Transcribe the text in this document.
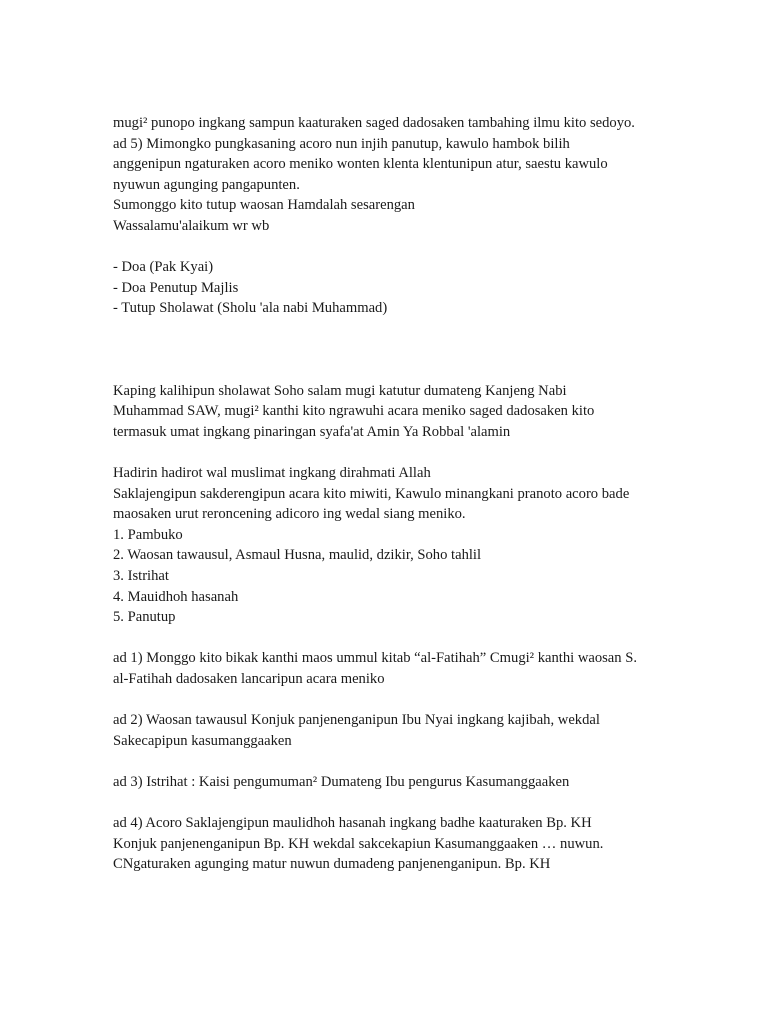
mugi² punopo ingkang sampun kaaturaken saged dadosaken tambahing ilmu kito sedoyo.
ad 5) Mimongko pungkasaning acoro nun injih panutup, kawulo hambok bilih
anggenipun ngaturaken acoro meniko wonten klenta klentunipun atur, saestu kawulo
nyuwun agunging pangapunten.
Sumonggo kito tutup waosan Hamdalah sesarengan
Wassalamu'alaikum wr wb
- Doa (Pak Kyai)
- Doa Penutup Majlis
- Tutup Sholawat (Sholu 'ala nabi Muhammad)
Kaping kalihipun sholawat Soho salam mugi katutur dumateng Kanjeng Nabi
Muhammad SAW, mugi² kanthi kito ngrawuhi acara meniko saged dadosaken kito
termasuk umat ingkang pinaringan syafa'at Amin Ya Robbal 'alamin
Hadirin hadirot wal muslimat ingkang dirahmati Allah
Saklajengipun sakderengipun acara kito miwiti, Kawulo minangkani pranoto acoro bade
maosaken urut reroncening adicoro ing wedal siang meniko.
1. Pambuko
2. Waosan tawausul, Asmaul Husna, maulid, dzikir, Soho tahlil
3. Istrihat
4. Mauidhoh hasanah
5. Panutup
ad 1) Monggo kito bikak kanthi maos ummul kitab “al-Fatihah” Cmugi² kanthi waosan S.
al-Fatihah dadosaken lancaripun acara meniko
ad 2) Waosan tawausul Konjuk panjenenganipun Ibu Nyai ingkang kajibah, wekdal
Sakecapipun kasumanggaaken
ad 3) Istrihat : Kaisi pengumuman² Dumateng Ibu pengurus Kasumanggaaken
ad 4) Acoro Saklajengipun maulidhoh hasanah ingkang badhe kaaturaken Bp. KH
Konjuk panjenenganipun Bp. KH wekdal sakcekapiun Kasumanggaaken … nuwun.
CNgaturaken agunging matur nuwun dumadeng panjenenganipun. Bp. KH
